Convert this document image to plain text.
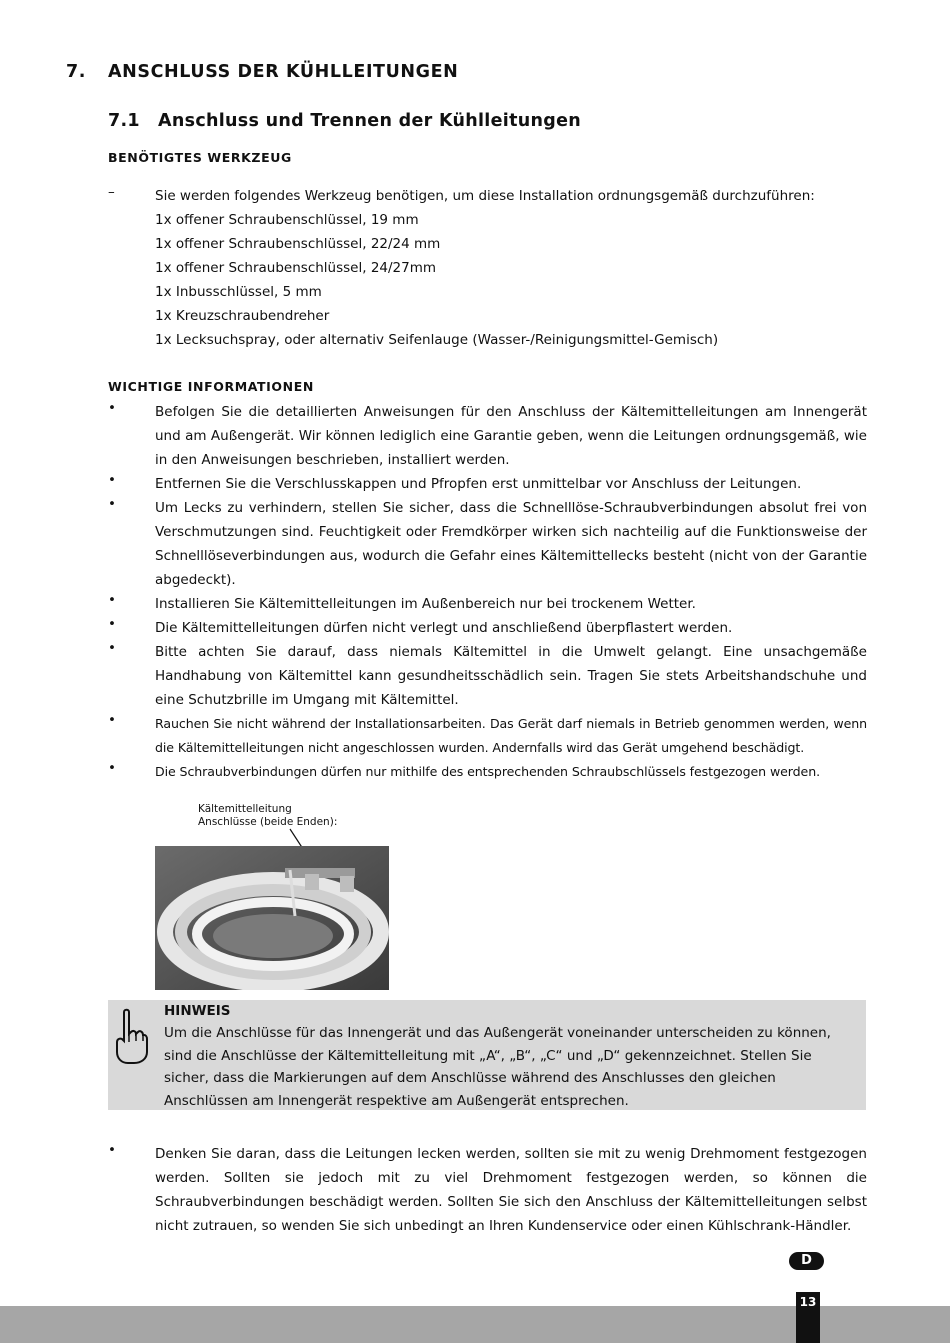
7. ANSCHLUSS DER KÜHLLEITUNGEN
7.1 Anschluss und Trennen der Kühlleitungen
BENÖTIGTES WERKZEUG
–	Sie werden folgendes Werkzeug benötigen, um diese Installation ordnungsgemäß durchzuführen:
1x offener Schraubenschlüssel, 19 mm
1x offener Schraubenschlüssel, 22/24 mm
1x offener Schraubenschlüssel, 24/27mm
1x Inbusschlüssel, 5 mm
1x Kreuzschraubendreher
1x Lecksuchspray, oder alternativ Seifenlauge (Wasser-/Reinigungsmittel-Gemisch)
WICHTIGE INFORMATIONEN
•	Befolgen Sie die detaillierten Anweisungen für den Anschluss der Kältemittelleitungen am Innengerät und am Außengerät. Wir können lediglich eine Garantie geben, wenn die Leitungen ordnungsgemäß, wie in den Anweisungen beschrieben, installiert werden.
•	Entfernen Sie die Verschlusskappen und Pfropfen erst unmittelbar vor Anschluss der Leitungen.
•	Um Lecks zu verhindern, stellen Sie sicher, dass die Schnelllöse-Schraubverbindungen absolut frei von Verschmutzungen sind. Feuchtigkeit oder Fremdkörper wirken sich nachteilig auf die Funktionsweise der Schnelllöseverbindungen aus, wodurch die Gefahr eines Kältemittellecks besteht (nicht von der Garantie abgedeckt).
•	Installieren Sie Kältemittelleitungen im Außenbereich nur bei trockenem Wetter.
•	Die Kältemittelleitungen dürfen nicht verlegt und anschließend überpflastert werden.
•	Bitte achten Sie darauf, dass niemals Kältemittel in die Umwelt gelangt. Eine unsachgemäße Handhabung von Kältemittel kann gesundheitsschädlich sein. Tragen Sie stets Arbeitshandschuhe und eine Schutzbrille im Umgang mit Kältemittel.
•	Rauchen Sie nicht während der Installationsarbeiten. Das Gerät darf niemals in Betrieb genommen werden, wenn die Kältemittelleitungen nicht angeschlossen wurden. Andernfalls wird das Gerät umgehend beschädigt.
•	Die Schraubverbindungen dürfen nur mithilfe des entsprechenden Schraubschlüssels festgezogen werden.
Kältemittelleitung
Anschlüsse (beide Enden):
HINWEIS
Um die Anschlüsse für das Innengerät und das Außengerät voneinander unterscheiden zu können, sind die Anschlüsse der Kältemittelleitung mit „A“, „B“, „C“ und „D“ gekennzeichnet. Stellen Sie sicher, dass die Markierungen auf dem Anschlüsse während des Anschlusses den gleichen Anschlüssen am Innengerät respektive am Außengerät entsprechen.
•	Denken Sie daran, dass die Leitungen lecken werden, sollten sie mit zu wenig Drehmoment festgezogen werden. Sollten sie jedoch mit zu viel Drehmoment festgezogen werden, so können die Schraubverbindungen beschädigt werden. Sollten Sie sich den Anschluss der Kältemittelleitungen selbst nicht zutrauen, so wenden Sie sich unbedingt an Ihren Kundenservice oder einen Kühlschrank-Händler.
D
13
